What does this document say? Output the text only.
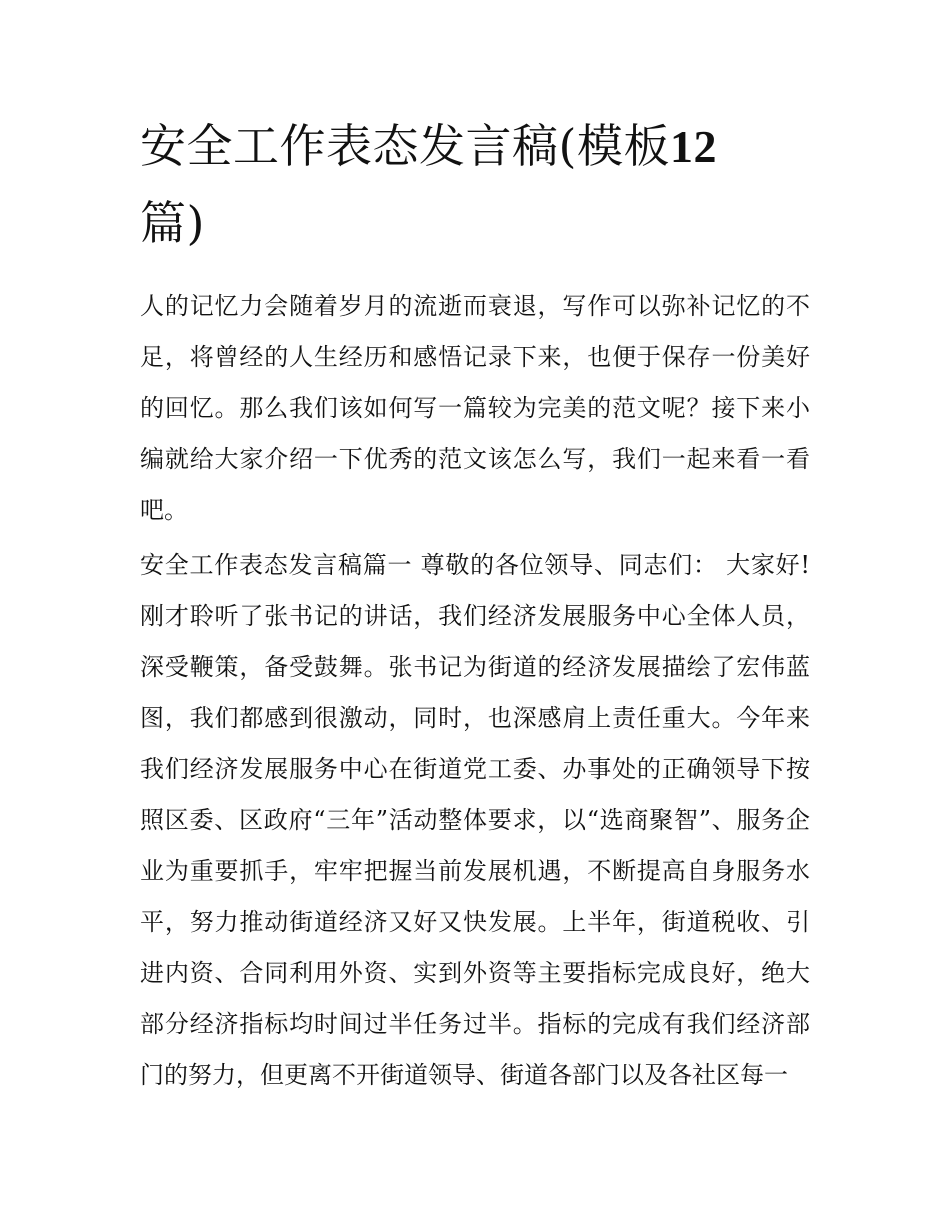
安全工作表态发言稿(模板12
篇)

人的记忆力会随着岁月的流逝而衰退，写作可以弥补记忆的不足，将曾经的人生经历和感悟记录下来，也便于保存一份美好的回忆。那么我们该如何写一篇较为完美的范文呢？接下来小编就给大家介绍一下优秀的范文该怎么写，我们一起来看一看吧。

安全工作表态发言稿篇一 尊敬的各位领导、同志们： 大家好! 刚才聆听了张书记的讲话，我们经济发展服务中心全体人员，深受鞭策，备受鼓舞。张书记为街道的经济发展描绘了宏伟蓝图，我们都感到很激动，同时，也深感肩上责任重大。今年来我们经济发展服务中心在街道党工委、办事处的正确领导下按照区委、区政府“三年”活动整体要求，以“选商聚智”、服务企业为重要抓手，牢牢把握当前发展机遇，不断提高自身服务水平，努力推动街道经济又好又快发展。上半年，街道税收、引进内资、合同利用外资、实到外资等主要指标完成良好，绝大部分经济指标均时间过半任务过半。指标的完成有我们经济部门的努力，但更离不开街道领导、街道各部门以及各社区每一
